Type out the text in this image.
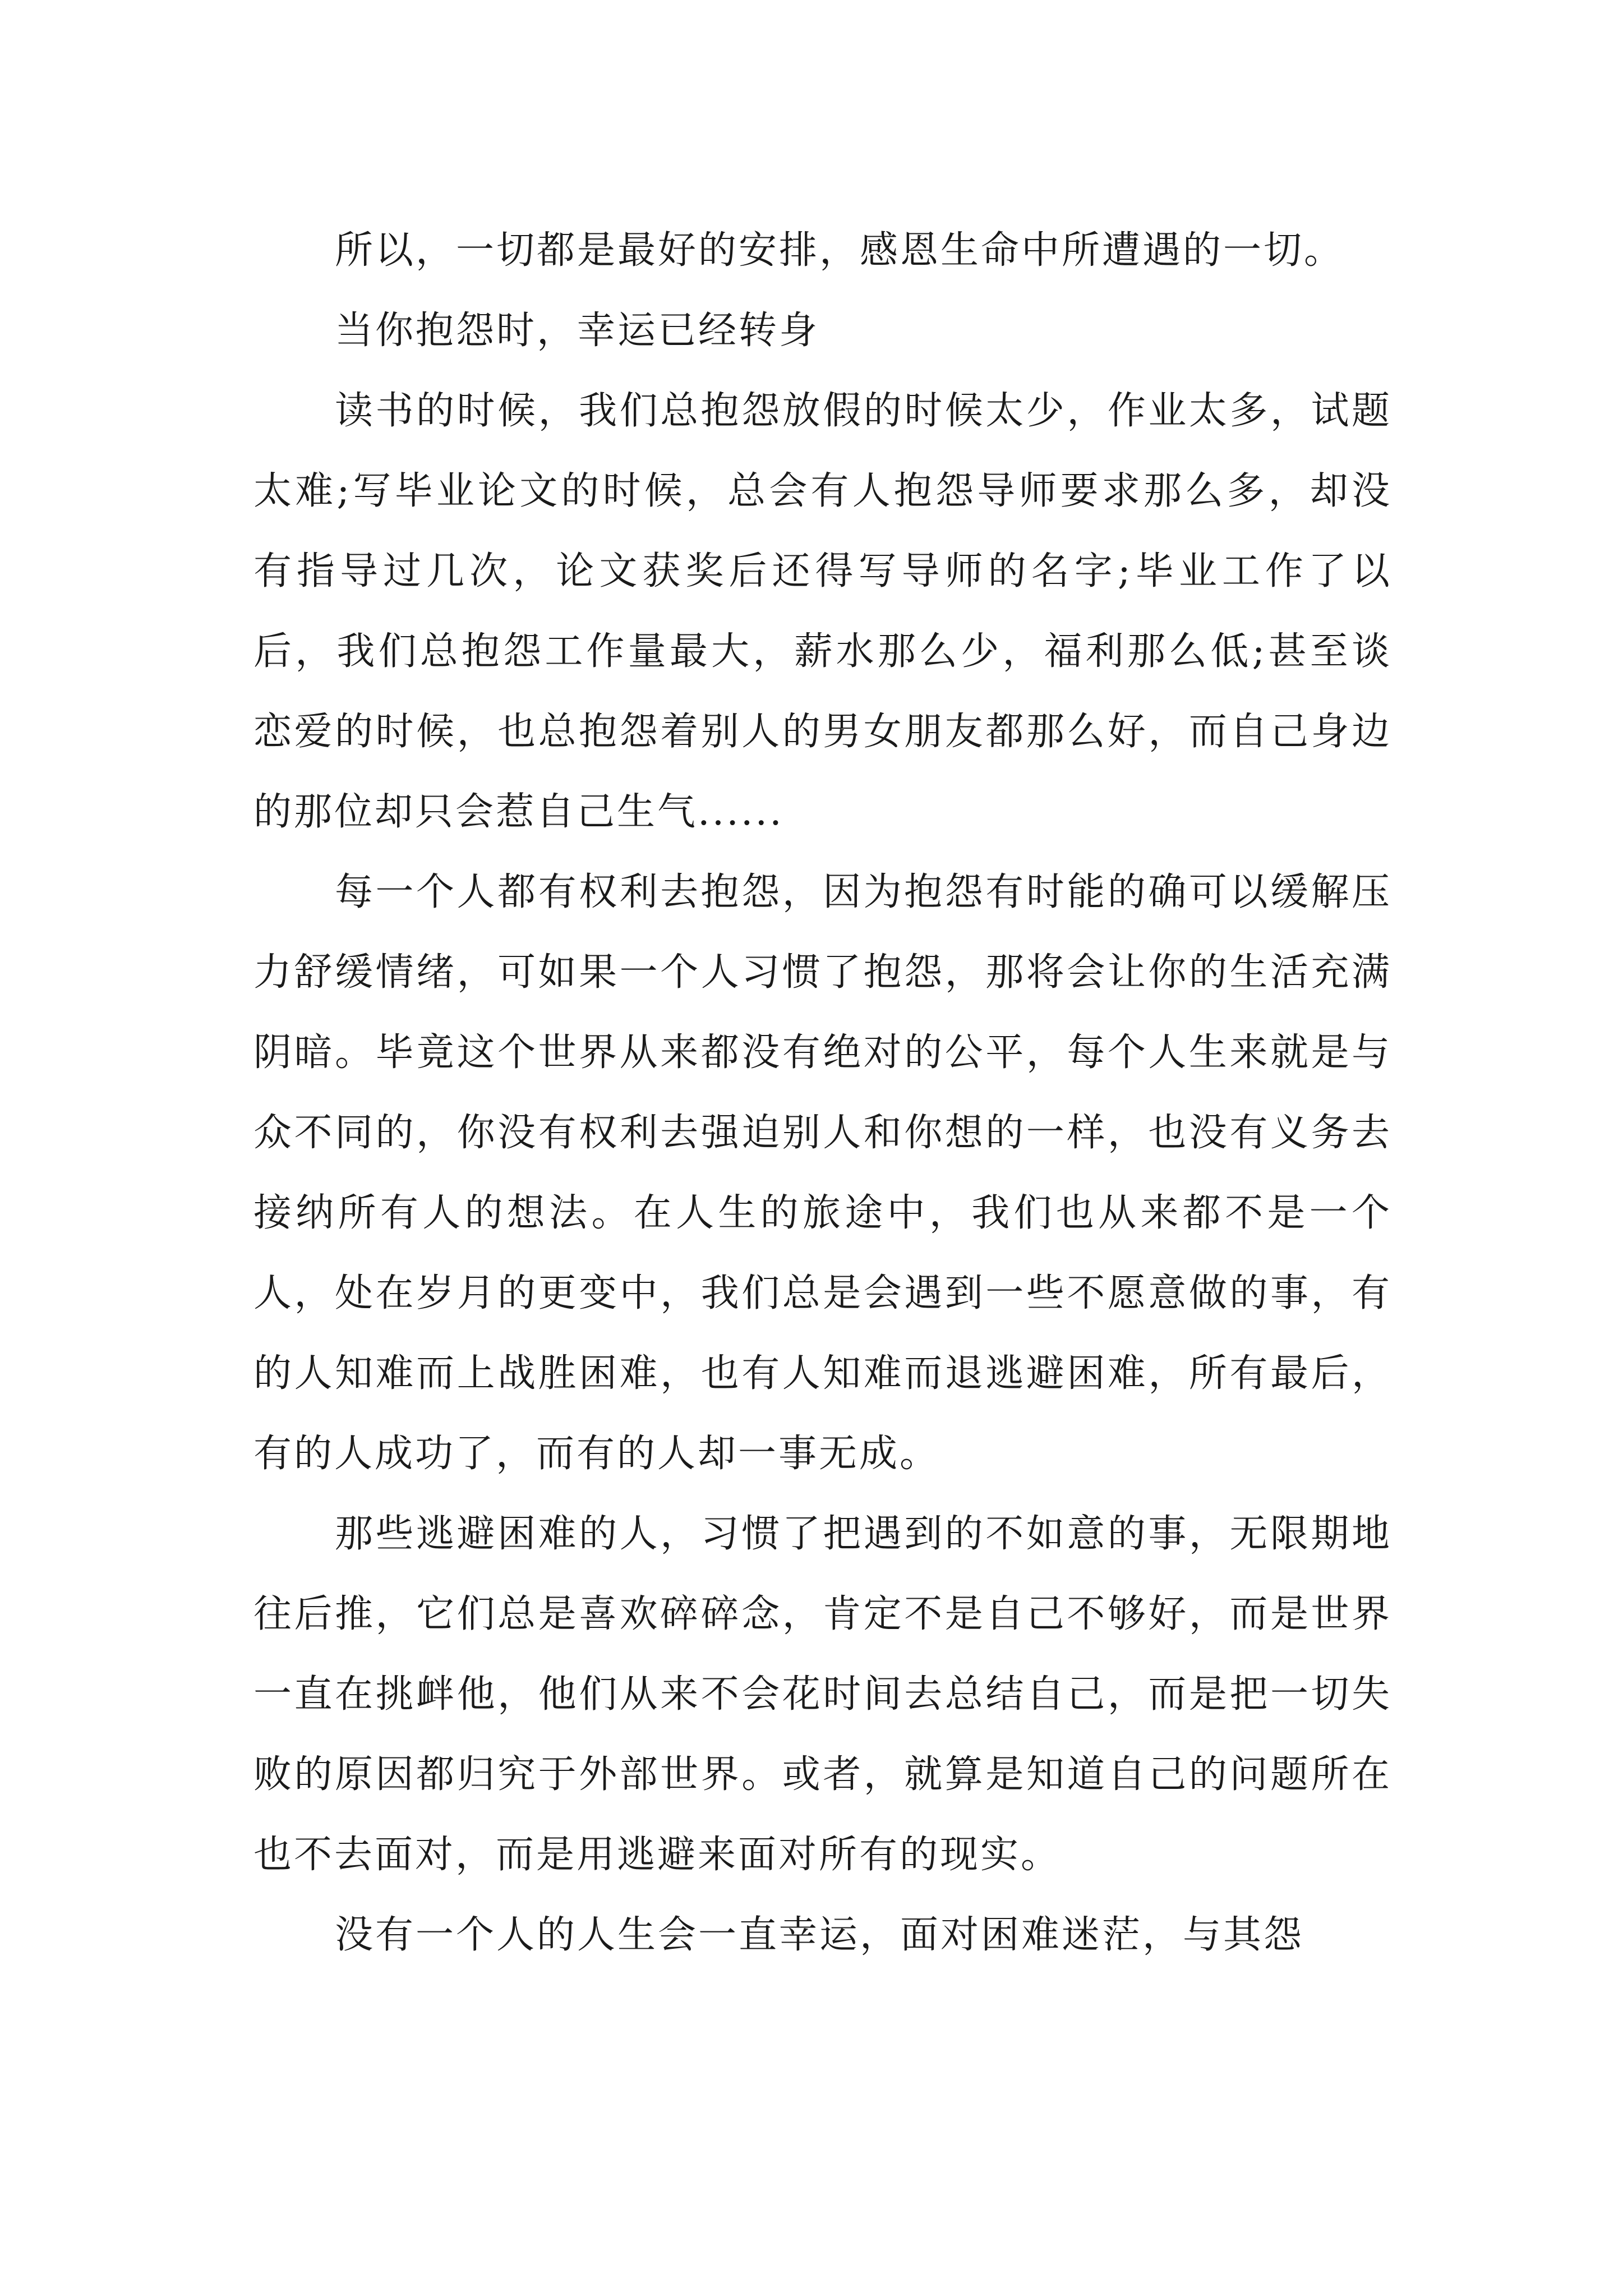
所以，一切都是最好的安排，感恩生命中所遭遇的一切。

当你抱怨时，幸运已经转身

读书的时候，我们总抱怨放假的时候太少，作业太多，试题太难;写毕业论文的时候，总会有人抱怨导师要求那么多，却没有指导过几次，论文获奖后还得写导师的名字;毕业工作了以后，我们总抱怨工作量最大，薪水那么少，福利那么低;甚至谈恋爱的时候，也总抱怨着别人的男女朋友都那么好，而自己身边的那位却只会惹自己生气......

每一个人都有权利去抱怨，因为抱怨有时能的确可以缓解压力舒缓情绪，可如果一个人习惯了抱怨，那将会让你的生活充满阴暗。毕竟这个世界从来都没有绝对的公平，每个人生来就是与众不同的，你没有权利去强迫别人和你想的一样，也没有义务去接纳所有人的想法。在人生的旅途中，我们也从来都不是一个人，处在岁月的更变中，我们总是会遇到一些不愿意做的事，有的人知难而上战胜困难，也有人知难而退逃避困难，所有最后，有的人成功了，而有的人却一事无成。

那些逃避困难的人，习惯了把遇到的不如意的事，无限期地往后推，它们总是喜欢碎碎念，肯定不是自己不够好，而是世界一直在挑衅他，他们从来不会花时间去总结自己，而是把一切失败的原因都归究于外部世界。或者，就算是知道自己的问题所在也不去面对，而是用逃避来面对所有的现实。

没有一个人的人生会一直幸运，面对困难迷茫，与其怨
